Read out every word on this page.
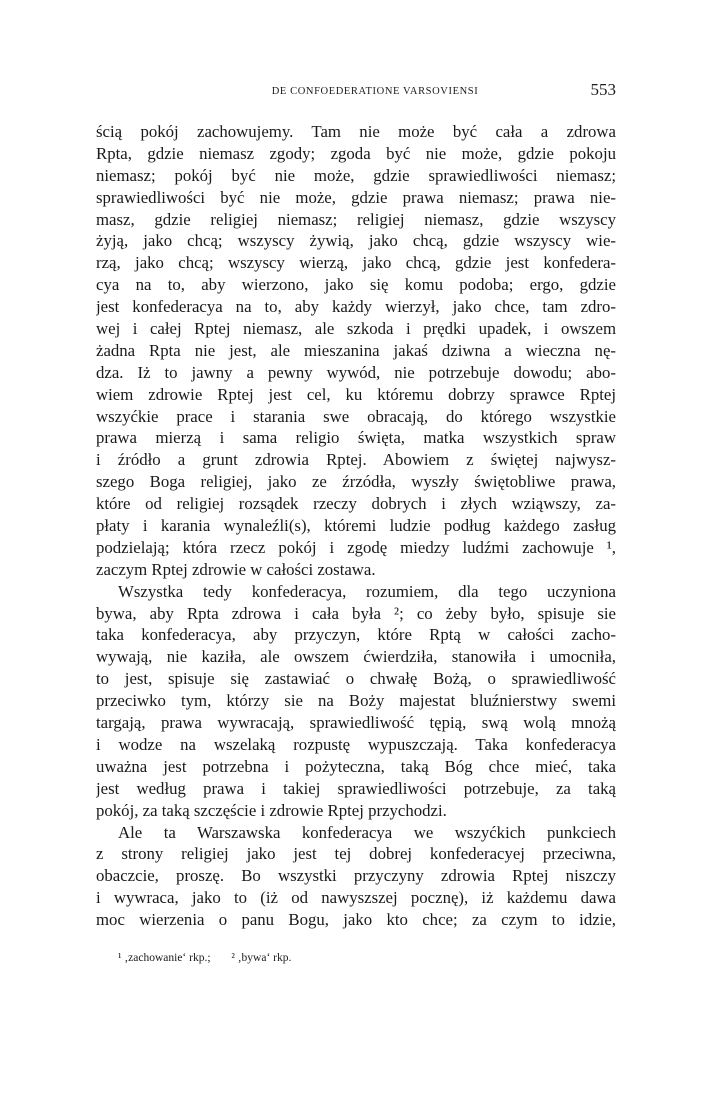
DE CONFOEDERATIONE VARSOVIENSI	553
ścią pokój zachowujemy. Tam nie może być cała a zdrowa
Rpta, gdzie niemasz zgody; zgoda być nie może, gdzie pokoju
niemasz; pokój być nie może, gdzie sprawiedliwości niemasz;
sprawiedliwości być nie może, gdzie prawa niemasz; prawa nie-
masz, gdzie religiej niemasz; religiej niemasz, gdzie wszyscy
żyją, jako chcą; wszyscy żywią, jako chcą, gdzie wszyscy wie-
rzą, jako chcą; wszyscy wierzą, jako chcą, gdzie jest konfedera-
cya na to, aby wierzono, jako się komu podoba; ergo, gdzie
jest konfederacya na to, aby każdy wierzył, jako chce, tam zdro-
wej i całej Rptej niemasz, ale szkoda i prędki upadek, i owszem
żadna Rpta nie jest, ale mieszanina jakaś dziwna a wieczna nę-
dza. Iż to jawny a pewny wywód, nie potrzebuje dowodu; abo-
wiem zdrowie Rptej jest cel, ku któremu dobrzy sprawce Rptej
wszyćkie prace i starania swe obracają, do którego wszystkie
prawa mierzą i sama religio święta, matka wszystkich spraw
i źródło a grunt zdrowia Rptej. Abowiem z świętej najwysz-
szego Boga religiej, jako ze źrzódła, wyszły świętobliwe prawa,
które od religiej rozsądek rzeczy dobrych i złych wziąwszy, za-
płaty i karania wynaleźli(s), któremi ludzie podług każdego zasług
podzielają; która rzecz pokój i zgodę miedzy ludźmi zachowuje ¹,
zaczym Rptej zdrowie w całości zostawa.
Wszystka tedy konfederacya, rozumiem, dla tego uczyniona
bywa, aby Rpta zdrowa i cała była ²; co żeby było, spisuje sie
taka konfederacya, aby przyczyn, które Rptą w całości zacho-
wywają, nie kaziła, ale owszem ćwierdziła, stanowiła i umocniła,
to jest, spisuje się zastawiać o chwałę Bożą, o sprawiedliwość
przeciwko tym, którzy sie na Boży majestat bluźnierstwy swemi
targają, prawa wywracają, sprawiedliwość tępią, swą wolą mnożą
i wodze na wszelaką rozpustę wypuszczają. Taka konfederacya
uważna jest potrzebna i pożyteczna, taką Bóg chce mieć, taka
jest według prawa i takiej sprawiedliwości potrzebuje, za taką
pokój, za taką szczęście i zdrowie Rptej przychodzi.
Ale ta Warszawska konfederacya we wszyćkich punkciech
z strony religiej jako jest tej dobrej konfederacyej przeciwna,
obaczcie, proszę. Bo wszystki przyczyny zdrowia Rptej niszczy
i wywraca, jako to (iż od nawyszszej pocznę), iż każdemu dawa
moc wierzenia o panu Bogu, jako kto chce; za czym to idzie,
¹ ‚zachowanie‘ rkp.; ² ‚bywa‘ rkp.
